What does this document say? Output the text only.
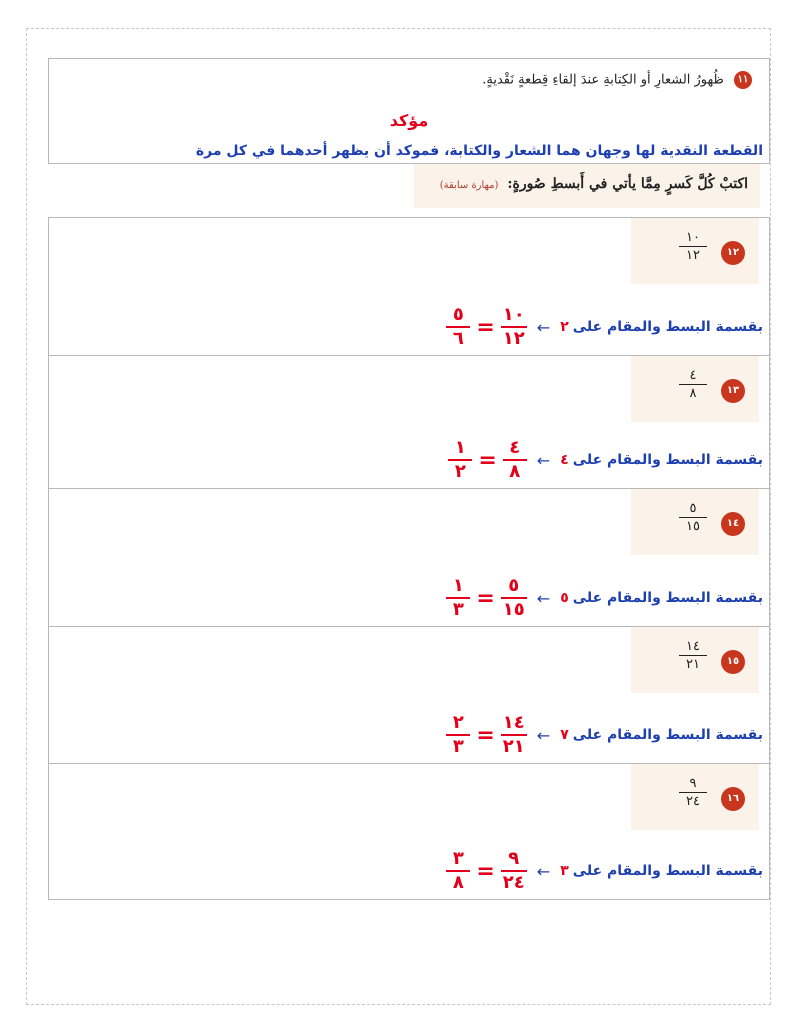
١١ ظُهورُ الشعارِ أو الكِتابةِ عندَ إلقاءِ قِطعةٍ نَقْديةٍ.
مؤكد
القطعة النقدية لها وجهان هما الشعار والكتابة، فموكد أن يظهر أحدهما في كل مرة
اكتبْ كُلَّ كَسرٍ مِمَّا يأتي في أَبسطِ صُورةٍ: (مهارة سابقة)
١٢
١٠
١٢
بقسمة البسط والمقام على
٢
←
$\frac{١٠}{١٢}$
=
$\frac{٥}{٦}$
١٣
٤
٨
بقسمة البسط والمقام على
٤
←
$\frac{٤}{٨}$
=
$\frac{١}{٢}$
١٤
٥
١٥
بقسمة البسط والمقام على
٥
←
$\frac{٥}{١٥}$
=
$\frac{١}{٣}$
١٥
١٤
٢١
بقسمة البسط والمقام على
٧
←
$\frac{١٤}{٢١}$
=
$\frac{٢}{٣}$
١٦
٩
٢٤
بقسمة البسط والمقام على
٣
←
$\frac{٩}{٢٤}$
=
$\frac{٣}{٨}$
